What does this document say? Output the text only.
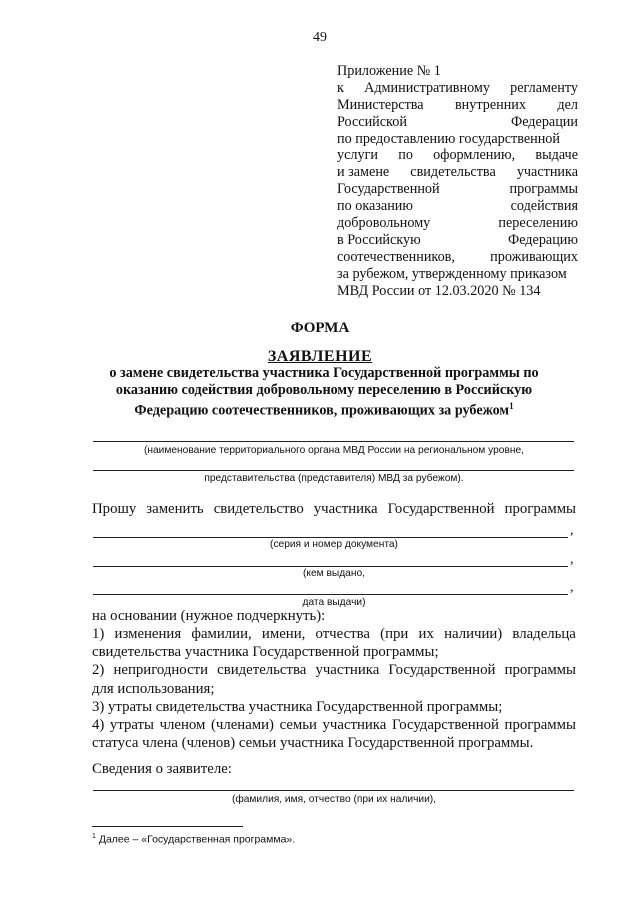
49
Приложение № 1
к Административному регламенту
Министерства внутренних дел
Российской	Федерации
по предоставлению государственной
услуги по оформлению, выдаче
и замене свидетельства участника
Государственной	программы
по оказанию	содействия
добровольному	переселению
в Российскую	Федерацию
соотечественников, проживающих
за рубежом, утвержденному приказом
МВД России от 12.03.2020 № 134
ФОРМА
ЗАЯВЛЕНИЕ
о замене свидетельства участника Государственной программы по оказанию содействия добровольному переселению в Российскую Федерацию соотечественников, проживающих за рубежом$^1$
(наименование территориального органа МВД России на региональном уровне,
представительства (представителя) МВД за рубежом).
Прошу заменить свидетельство участника Государственной программы
,
(серия и номер документа)
,
(кем выдано,
,
дата выдачи)
на основании (нужное подчеркнуть):
1) изменения фамилии, имени, отчества (при их наличии) владельца
свидетельства участника Государственной программы;
2) непригодности свидетельства участника Государственной программы
для использования;
3) утраты свидетельства участника Государственной программы;
4) утраты членом (членами) семьи участника Государственной программы
статуса члена (членов) семьи участника Государственной программы.
Сведения о заявителе:
(фамилия, имя, отчество (при их наличии),
$^1$ Далее – «Государственная программа».
